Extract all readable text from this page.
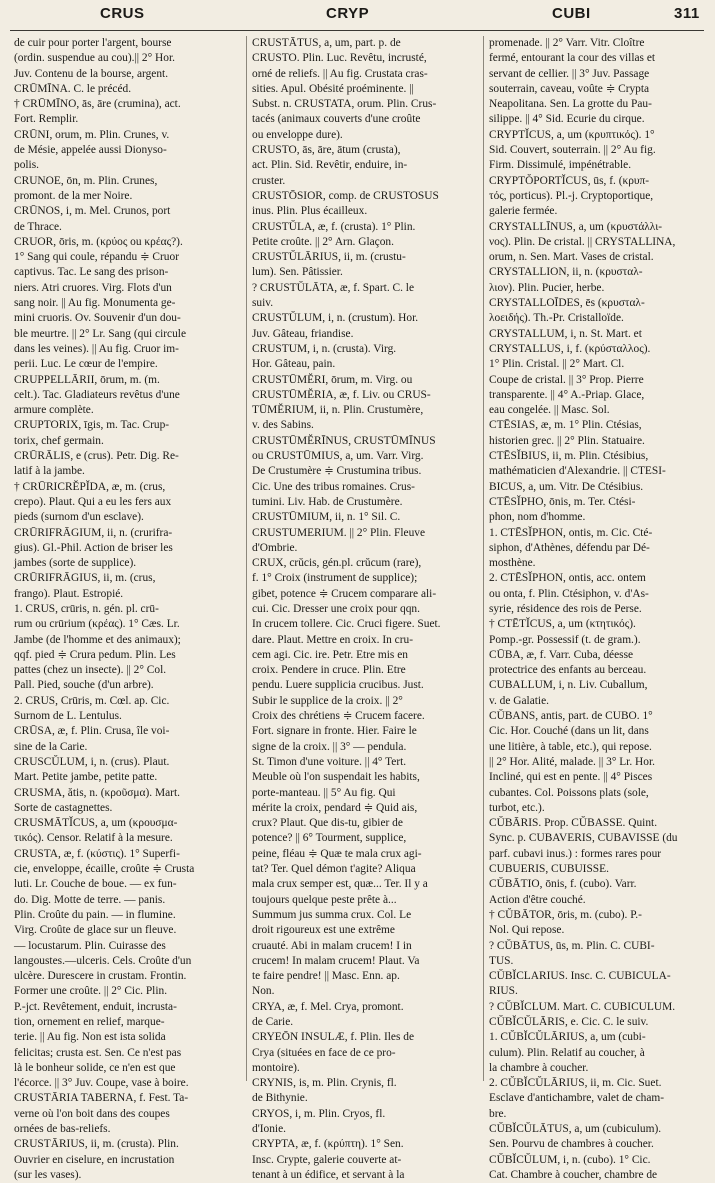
CRUS	CRYP	CUBI	311
de cuir pour porter l'argent, bourse
(ordin. suspendue au cou).|| 2° Hor.
Juv. Contenu de la bourse, argent.
CRŪMĪNA. C. le précéd.
† CRŪMĪNO, ās, āre (crumina), act.
Fort. Remplir.
CRŪNI, orum, m. Plin. Crunes, v.
de Mésie, appelée aussi Dionyso-
polis.
CRUNOE, ōn, m. Plin. Crunes,
promont. de la mer Noire.
CRŪNOS, i, m. Mel. Crunos, port
de Thrace.
CRUOR, ōris, m. (κρύος ou κρέας?).
1° Sang qui coule, répandu ≑ Cruor
captivus. Tac. Le sang des prison-
niers. Atri cruores. Virg. Flots d'un
sang noir. || Au fig. Monumenta ge-
mini cruoris. Ov. Souvenir d'un dou-
ble meurtre. || 2° Lr. Sang (qui circule
dans les veines). || Au fig. Cruor im-
perii. Luc. Le cœur de l'empire.
CRUPPELLĀRII, ōrum, m. (m.
celt.). Tac. Gladiateurs revêtus d'une
armure complète.
CRUPTORIX, īgis, m. Tac. Crup-
torix, chef germain.
CRŪRĀLIS, e (crus). Petr. Dig. Re-
latif à la jambe.
† CRŪRICRĔPĬDA, æ, m. (crus,
crepo). Plaut. Qui a eu les fers aux
pieds (surnom d'un esclave).
CRŪRIFRĀGIUM, ii, n. (crurifra-
gius). Gl.-Phil. Action de briser les
jambes (sorte de supplice).
CRŪRIFRĀGIUS, ii, m. (crus,
frango). Plaut. Estropié.
1. CRUS, crūris, n. gén. pl. crū-
rum ou crūrium (κρέας). 1° Cæs. Lr.
Jambe (de l'homme et des animaux);
qqf. pied ≑ Crura pedum. Plin. Les
pattes (chez un insecte). || 2° Col.
Pall. Pied, souche (d'un arbre).
2. CRUS, Crūris, m. Cœl. ap. Cic.
Surnom de L. Lentulus.
CRŪSA, æ, f. Plin. Crusa, île voi-
sine de la Carie.
CRUSCŬLUM, i, n. (crus). Plaut.
Mart. Petite jambe, petite patte.
CRUSMA, ătis, n. (κροῦσμα). Mart.
Sorte de castagnettes.
CRUSMĀTĬCUS, a, um (κρουσμα-
τικός). Censor. Relatif à la mesure.
CRUSTA, æ, f. (κύστις). 1° Superfi-
cie, enveloppe, écaille, croûte ≑ Crusta
luti. Lr. Couche de boue. — ex fun-
do. Dig. Motte de terre. — panis.
Plin. Croûte du pain. — in flumine.
Virg. Croûte de glace sur un fleuve.
— locustarum. Plin. Cuirasse des
langoustes.—ulceris. Cels. Croûte d'un
ulcère. Durescere in crustam. Frontin.
Former une croûte. || 2° Cic. Plin.
P.-jct. Revêtement, enduit, incrusta-
tion, ornement en relief, marque-
terie. || Au fig. Non est ista solida
felicitas; crusta est. Sen. Ce n'est pas
là le bonheur solide, ce n'en est que
l'écorce. || 3° Juv. Coupe, vase à boire.
CRUSTĀRIA TABERNA, f. Fest. Ta-
verne où l'on boit dans des coupes
ornées de bas-reliefs.
CRUSTĀRIUS, ii, m. (crusta). Plin.
Ouvrier en ciselure, en incrustation
(sur les vases).
CRUSTĀTUS, a, um, part. p. de
CRUSTO. Plin. Luc. Revêtu, incrusté,
orné de reliefs. || Au fig. Crustata cras-
sities. Apul. Obésité proéminente. ||
Subst. n. CRUSTATA, orum. Plin. Crus-
tacés (animaux couverts d'une croûte
ou enveloppe dure).
CRUSTO, ās, āre, ātum (crusta),
act. Plin. Sid. Revêtir, enduire, in-
cruster.
CRUSTŌSIOR, comp. de CRUSTOSUS
inus. Plin. Plus écailleux.
CRUSTŬLA, æ, f. (crusta). 1° Plin.
Petite croûte. || 2° Arn. Glaçon.
CRUSTŬLĀRIUS, ii, m. (crustu-
lum). Sen. Pâtissier.
? CRUSTŬLĀTA, æ, f. Spart. C. le
suiv.
CRUSTŬLUM, i, n. (crustum). Hor.
Juv. Gâteau, friandise.
CRUSTUM, i, n. (crusta). Virg.
Hor. Gâteau, pain.
CRUSTŪMĔRI, ōrum, m. Virg. ou
CRUSTŪMĔRIA, æ, f. Liv. ou CRUS-
TŪMĔRIUM, ii, n. Plin. Crustumère,
v. des Sabins.
CRUSTŪMĔRĪNUS, CRUSTŪMĪNUS
ou CRUSTŪMIUS, a, um. Varr. Virg.
De Crustumère ≑ Crustumina tribus.
Cic. Une des tribus romaines. Crus-
tumini. Liv. Hab. de Crustumère.
CRUSTŪMIUM, ii, n. 1° Sil. C.
CRUSTUMERIUM. || 2° Plin. Fleuve
d'Ombrie.
CRUX, crŭcis, gén.pl. crŭcum (rare),
f. 1° Croix (instrument de supplice);
gibet, potence ≑ Crucem comparare ali-
cui. Cic. Dresser une croix pour qqn.
In crucem tollere. Cic. Cruci figere. Suet.
dare. Plaut. Mettre en croix. In cru-
cem agi. Cic. ire. Petr. Etre mis en
croix. Pendere in cruce. Plin. Etre
pendu. Luere suppliciа crucibus. Just.
Subir le supplice de la croix. || 2°
Croix des chrétiens ≑ Crucem facere.
Fort. signare in fronte. Hier. Faire le
signe de la croix. || 3° — pendula.
St. Timon d'une voiture. || 4° Tert.
Meuble où l'on suspendait les habits,
porte-manteau. || 5° Au fig. Qui
mérite la croix, pendard ≑ Quid ais,
crux? Plaut. Que dis-tu, gibier de
potence? || 6° Tourment, supplice,
peine, fléau ≑ Quæ te mala crux agi-
tat? Ter. Quel démon t'agite? Aliqua
mala crux semper est, quæ... Ter. Il y a
toujours quelque peste prête à...
Summum jus summa crux. Col. Le
droit rigoureux est une extrême
cruauté. Abi in malam crucem! I in
crucem! In malam crucem! Plaut. Va
te faire pendre! || Masc. Enn. ap.
Non.
CRYA, æ, f. Mel. Crya, promont.
de Carie.
CRYEŌN INSULÆ, f. Plin. Iles de
Crya (situées en face de ce pro-
montoire).
CRYNIS, is, m. Plin. Crynis, fl.
de Bithynie.
CRYOS, i, m. Plin. Cryos, fl.
d'Ionie.
CRYPTA, æ, f. (κρύπτη). 1° Sen.
Insc. Crypte, galerie couverte at-
tenant à un édifice, et servant à la
promenade. || 2° Varr. Vitr. Cloître
fermé, entourant la cour des villas et
servant de cellier. || 3° Juv. Passage
souterrain, caveau, voûte ≑ Crypta
Neapolitana. Sen. La grotte du Pau-
silippe. || 4° Sid. Ecurie du cirque.
CRYPTĬCUS, a, um (κρυπτικός). 1°
Sid. Couvert, souterrain. || 2° Au fig.
Firm. Dissimulé, impénétrable.
CRYPTŎPORTĬCUS, ūs, f. (κρυπ-
τός, porticus). Pl.-j. Cryptoportique,
galerie fermée.
CRYSTALLĪNUS, a, um (κρυστάλλι-
νος). Plin. De cristal. || CRYSTALLINA,
orum, n. Sen. Mart. Vases de cristal.
CRYSTALLION, ii, n. (κρυσταλ-
λιον). Plin. Pucier, herbe.
CRYSTALLOĪDES, ēs (κρυσταλ-
λοειδής). Th.-Pr. Cristalloïde.
CRYSTALLUM, i, n. St. Mart. et
CRYSTALLUS, i, f. (κρύσταλλος).
1° Plin. Cristal. || 2° Mart. Cl.
Coupe de cristal. || 3° Prop. Pierre
transparente. || 4° A.-Priap. Glace,
eau congelée. || Masc. Sol.
CTĒSIAS, æ, m. 1° Plin. Ctésias,
historien grec. || 2° Plin. Statuaire.
CTĒSĬBIUS, ii, m. Plin. Ctésibius,
mathématicien d'Alexandrie. || CTESI-
BICUS, a, um. Vitr. De Ctésibius.
CTĒSĬPHO, ōnis, m. Ter. Ctési-
phon, nom d'homme.
1. CTĒSĬPHON, ontis, m. Cic. Cté-
siphon, d'Athènes, défendu par Dé-
mosthène.
2. CTĒSĬPHON, ontis, acc. ontem
ou onta, f. Plin. Ctésiphon, v. d'As-
syrie, résidence des rois de Perse.
† CTĒTĬCUS, a, um (κτητικός).
Pomp.-gr. Possessif (t. de gram.).
CŪBA, æ, f. Varr. Cuba, déesse
protectrice des enfants au berceau.
CUBALLUM, i, n. Liv. Cuballum,
v. de Galatie.
CŬBANS, antis, part. de CUBO. 1°
Cic. Hor. Couché (dans un lit, dans
une litière, à table, etc.), qui repose.
|| 2° Hor. Alité, malade. || 3° Lr. Hor.
Incliné, qui est en pente. || 4° Pisces
cubantes. Col. Poissons plats (sole,
turbot, etc.).
CŬBĀRIS. Prop. CŬBASSE. Quint.
Sync. p. CUBAVERIS, CUBAVISSE (du
parf. cubavi inus.) : formes rares pour
CUBUERIS, CUBUISSE.
CŬBĀTIO, ōnis, f. (cubo). Varr.
Action d'être couché.
† CŬBĀTOR, ōris, m. (cubo). P.-
Nol. Qui repose.
? CŬBĀTUS, ūs, m. Plin. C. CUBI-
TUS.
CŬBĬCLARIUS. Insc. C. CUBICULA-
RIUS.
? CŬBĬCLUM. Mart. C. CUBICULUM.
CŬBĬCŬLĀRIS, e. Cic. C. le suiv.
1. CŬBĬCŬLĀRIUS, a, um (cubi-
culum). Plin. Relatif au coucher, à
la chambre à coucher.
2. CŬBĬCŬLĀRIUS, ii, m. Cic. Suet.
Esclave d'antichambre, valet de cham-
bre.
CŬBĬCŬLĀTUS, a, um (cubiculum).
Sen. Pourvu de chambres à coucher.
CŬBĬCŬLUM, i, n. (cubo). 1° Cic.
Cat. Chambre à coucher, chambre de
